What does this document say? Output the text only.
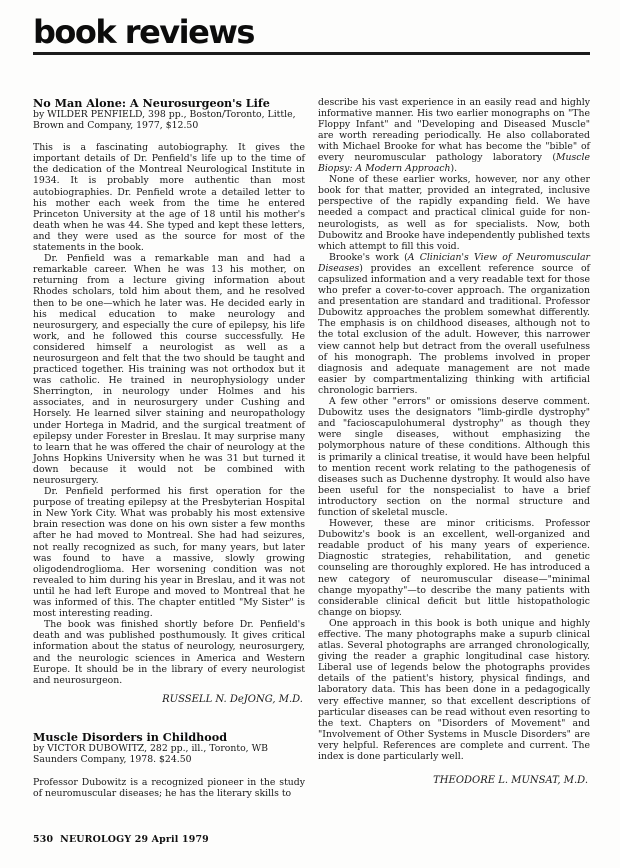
book reviews
No Man Alone: A Neurosurgeon's Life

by WILDER PENFIELD, 398 pp., Boston/Toronto, Little, Brown and Company, 1977, $12.50

This is a fascinating autobiography. It gives the important details of Dr. Penfield's life up to the time of the dedication of the Montreal Neurological Institute in 1934. It is probably more authentic than most autobiographies. Dr. Penfield wrote a detailed letter to his mother each week from the time he entered Princeton University at the age of 18 until his mother's death when he was 44. She typed and kept these letters, and they were used as the source for most of the statements in the book.

Dr. Penfield was a remarkable man and had a remarkable career. When he was 13 his mother, on returning from a lecture giving information about Rhodes scholars, told him about them, and he resolved then to be one—which he later was. He decided early in his medical education to make neurology and neurosurgery, and especially the cure of epilepsy, his life work, and he followed this course successfully. He considered himself a neurologist as well as a neurosurgeon and felt that the two should be taught and practiced together. His training was not orthodox but it was catholic. He trained in neurophysiology under Sherrington, in neurology under Holmes and his associates, and in neurosurgery under Cushing and Horsely. He learned silver staining and neuropathology under Hortega in Madrid, and the surgical treatment of epilepsy under Forester in Breslau. It may surprise many to learn that he was offered the chair of neurology at the Johns Hopkins University when he was 31 but turned it down because it would not be combined with neurosurgery.

Dr. Penfield performed his first operation for the purpose of treating epilepsy at the Presbyterian Hospital in New York City. What was probably his most extensive brain resection was done on his own sister a few months after he had moved to Montreal. She had had seizures, not really recognized as such, for many years, but later was found to have a massive, slowly growing oligodendroglioma. Her worsening condition was not revealed to him during his year in Breslau, and it was not until he had left Europe and moved to Montreal that he was informed of this. The chapter entitled "My Sister" is most interesting reading.

The book was finished shortly before Dr. Penfield's death and was published posthumously. It gives critical information about the status of neurology, neurosurgery, and the neurologic sciences in America and Western Europe. It should be in the library of every neurologist and neurosurgeon.

RUSSELL N. DeJONG, M.D.

Muscle Disorders in Childhood

by VICTOR DUBOWITZ, 282 pp., ill., Toronto, WB Saunders Company, 1978. $24.50

Professor Dubowitz is a recognized pioneer in the study of neuromuscular diseases; he has the literary skills to

describe his vast experience in an easily read and highly informative manner. His two earlier monographs on "The Floppy Infant" and "Developing and Diseased Muscle" are worth rereading periodically. He also collaborated with Michael Brooke for what has become the "bible" of every neuromuscular pathology laboratory (Muscle Biopsy: A Modern Approach).

None of these earlier works, however, nor any other book for that matter, provided an integrated, inclusive perspective of the rapidly expanding field. We have needed a compact and practical clinical guide for non-neurologists, as well as for specialists. Now, both Dubowitz and Brooke have independently published texts which attempt to fill this void.

Brooke's work (A Clinician's View of Neuromuscular Diseases) provides an excellent reference source of capsulized information and a very readable text for those who prefer a cover-to-cover approach. The organization and presentation are standard and traditional. Professor Dubowitz approaches the problem somewhat differently. The emphasis is on childhood diseases, although not to the total exclusion of the adult. However, this narrower view cannot help but detract from the overall usefulness of his monograph. The problems involved in proper diagnosis and adequate management are not made easier by compartmentalizing thinking with artificial chronologic barriers.

A few other "errors" or omissions deserve comment. Dubowitz uses the designators "limb-girdle dystrophy" and "facioscapulohumeral dystrophy" as though they were single diseases, without emphasizing the polymorphous nature of these conditions. Although this is primarily a clinical treatise, it would have been helpful to mention recent work relating to the pathogenesis of diseases such as Duchenne dystrophy. It would also have been useful for the nonspecialist to have a brief introductory section on the normal structure and function of skeletal muscle.

However, these are minor criticisms. Professor Dubowitz's book is an excellent, well-organized and readable product of his many years of experience. Diagnostic strategies, rehabilitation, and genetic counseling are thoroughly explored. He has introduced a new category of neuromuscular disease—"minimal change myopathy"—to describe the many patients with considerable clinical deficit but little histopathologic change on biopsy.

One approach in this book is both unique and highly effective. The many photographs make a supurb clinical atlas. Several photographs are arranged chronologically, giving the reader a graphic longitudinal case history. Liberal use of legends below the photographs provides details of the patient's history, physical findings, and laboratory data. This has been done in a pedagogically very effective manner, so that excellent descriptions of particular diseases can be read without even resorting to the text. Chapters on "Disorders of Movement" and "Involvement of Other Systems in Muscle Disorders" are very helpful. References are complete and current. The index is done particularly well.

THEODORE L. MUNSAT, M.D.

530 NEUROLOGY 29 April 1979
